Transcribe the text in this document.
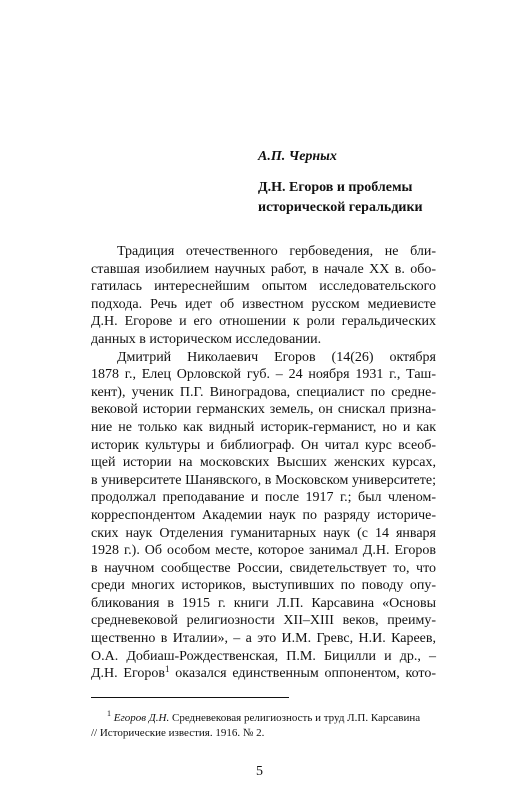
А.П. Черных
Д.Н. Егоров и проблемы
исторической геральдики
Традиция отечественного гербоведения, не бли-
ставшая изобилием научных работ, в начале XX в. обо-
гатилась интереснейшим опытом исследовательского
подхода. Речь идет об известном русском медиевисте
Д.Н. Егорове и его отношении к роли геральдических
данных в историческом исследовании.
Дмитрий Николаевич Егоров (14(26) октября
1878 г., Елец Орловской губ. – 24 ноября 1931 г., Таш-
кент), ученик П.Г. Виноградова, специалист по средне-
вековой истории германских земель, он снискал призна-
ние не только как видный историк-германист, но и как
историк культуры и библиограф. Он читал курс всеоб-
щей истории на московских Высших женских курсах,
в университете Шанявского, в Московском университете;
продолжал преподавание и после 1917 г.; был членом-
корреспондентом Академии наук по разряду историче-
ских наук Отделения гуманитарных наук (с 14 января
1928 г.). Об особом месте, которое занимал Д.Н. Егоров
в научном сообществе России, свидетельствует то, что
среди многих историков, выступивших по поводу опу-
бликования в 1915 г. книги Л.П. Карсавина «Основы
средневековой религиозности XII–XIII веков, преиму-
щественно в Италии», – а это И.М. Гревс, Н.И. Кареев,
О.А. Добиаш-Рождественская, П.М. Бицилли и др., –
Д.Н. Егоров$^1$ оказался единственным оппонентом, кото-
$^1$ Егоров Д.Н. Средневековая религиозность и труд Л.П. Карсавина
// Исторические известия. 1916. № 2.
5
